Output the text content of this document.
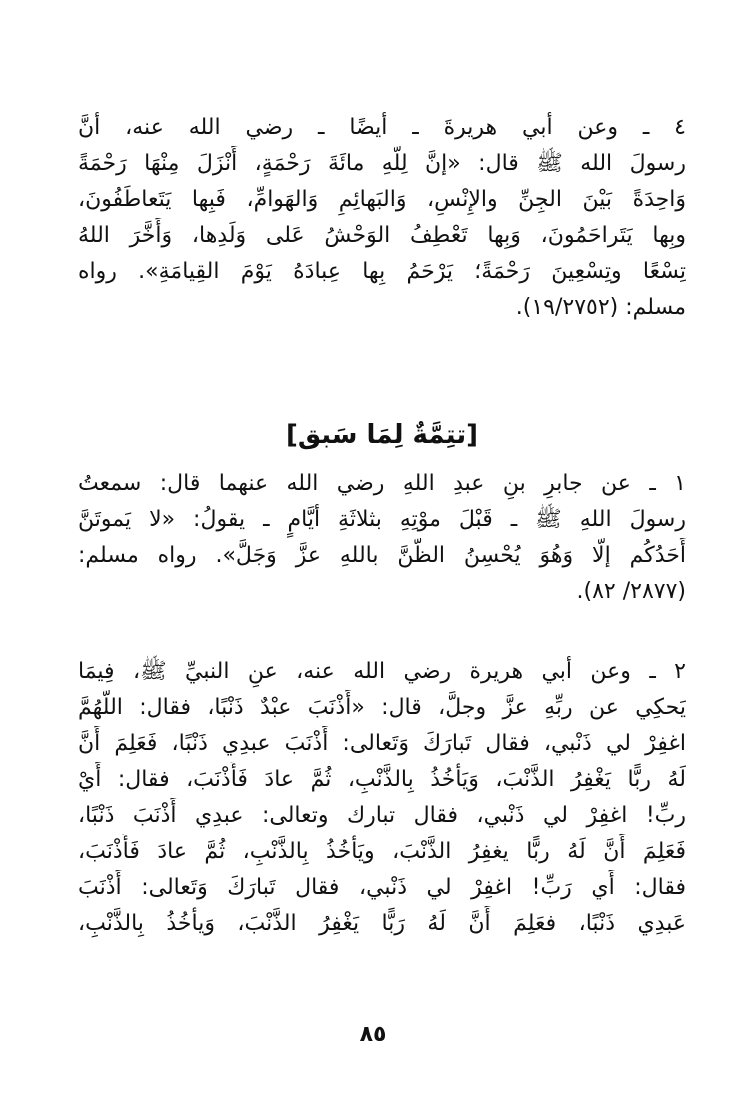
٤ ـ وعن أبي هريرةَ ـ أيضًا ـ رضي الله عنه، أنَّ
رسولَ الله ﷺ قال: «إنَّ لِلَّهِ مائَةَ رَحْمَةٍ، أَنْزَلَ مِنْهَا رَحْمَةً
وَاحِدَةً بَيْنَ الجِنِّ والإِنْسِ، وَالبَهائِمِ وَالهَوامِّ، فَبِها يَتَعاطَفُونَ،
وبِها يَتَراحَمُونَ، وَبِها تَعْطِفُ الوَحْشُ عَلى وَلَدِها، وَأَخَّرَ اللهُ
تِسْعًا وتِسْعِينَ رَحْمَةً؛ يَرْحَمُ بِها عِبادَهُ يَوْمَ القِيامَةِ». رواه
مسلم: (١٩/٢٧٥٢).
[تتِمَّةٌ لِمَا سَبق]
١ ـ عن جابرِ بنِ عبدِ اللهِ رضي الله عنهما قال: سمعتُ
رسولَ اللهِ ﷺ ـ قَبْلَ موْتِهِ بثلاثَةِ أيَّامٍ ـ يقولُ: «لا يَموتَنَّ
أَحَدُكُم إلَّا وَهُوَ يُحْسِنُ الظَّنَّ باللهِ عزَّ وَجَلَّ». رواه مسلم:
(٢٨٧٧/ ٨٢).
٢ ـ وعن أبي هريرة رضي الله عنه، عنِ النبيِّ ﷺ، فِيمَا
يَحكِي عن ربِّهِ عزَّ وجلَّ، قال: «أَذْنَبَ عبْدٌ ذَنْبًا، فقال: اللَّهُمَّ
اغفِرْ لي ذَنْبي، فقال تَبارَكَ وَتَعالى: أَذْنَبَ عبدِي ذَنْبًا، فَعَلِمَ أَنَّ
لَهُ ربًّا يَغْفِرُ الذَّنْبَ، وَيَأْخُذُ بِالذَّنْبِ، ثُمَّ عادَ فَأَذْنَبَ، فقال: أَيْ
ربِّ! اغفِرْ لي ذَنْبي، فقال تبارك وتعالى: عبدِي أَذْنَبَ ذَنْبًا،
فَعَلِمَ أَنَّ لَهُ ربًّا يغفِرُ الذَّنْبَ، ويَأْخُذُ بِالذَّنْبِ، ثُمَّ عادَ فَأَذْنَبَ،
فقال: أَي رَبِّ! اغفِرْ لي ذَنْبي، فقال تَبارَكَ وَتَعالى: أَذْنَبَ
عَبدِي ذَنْبًا، فعَلِمَ أَنَّ لَهُ رَبًّا يَغْفِرُ الذَّنْبَ، وَيأْخُذُ بِالذَّنْبِ،
٨٥
